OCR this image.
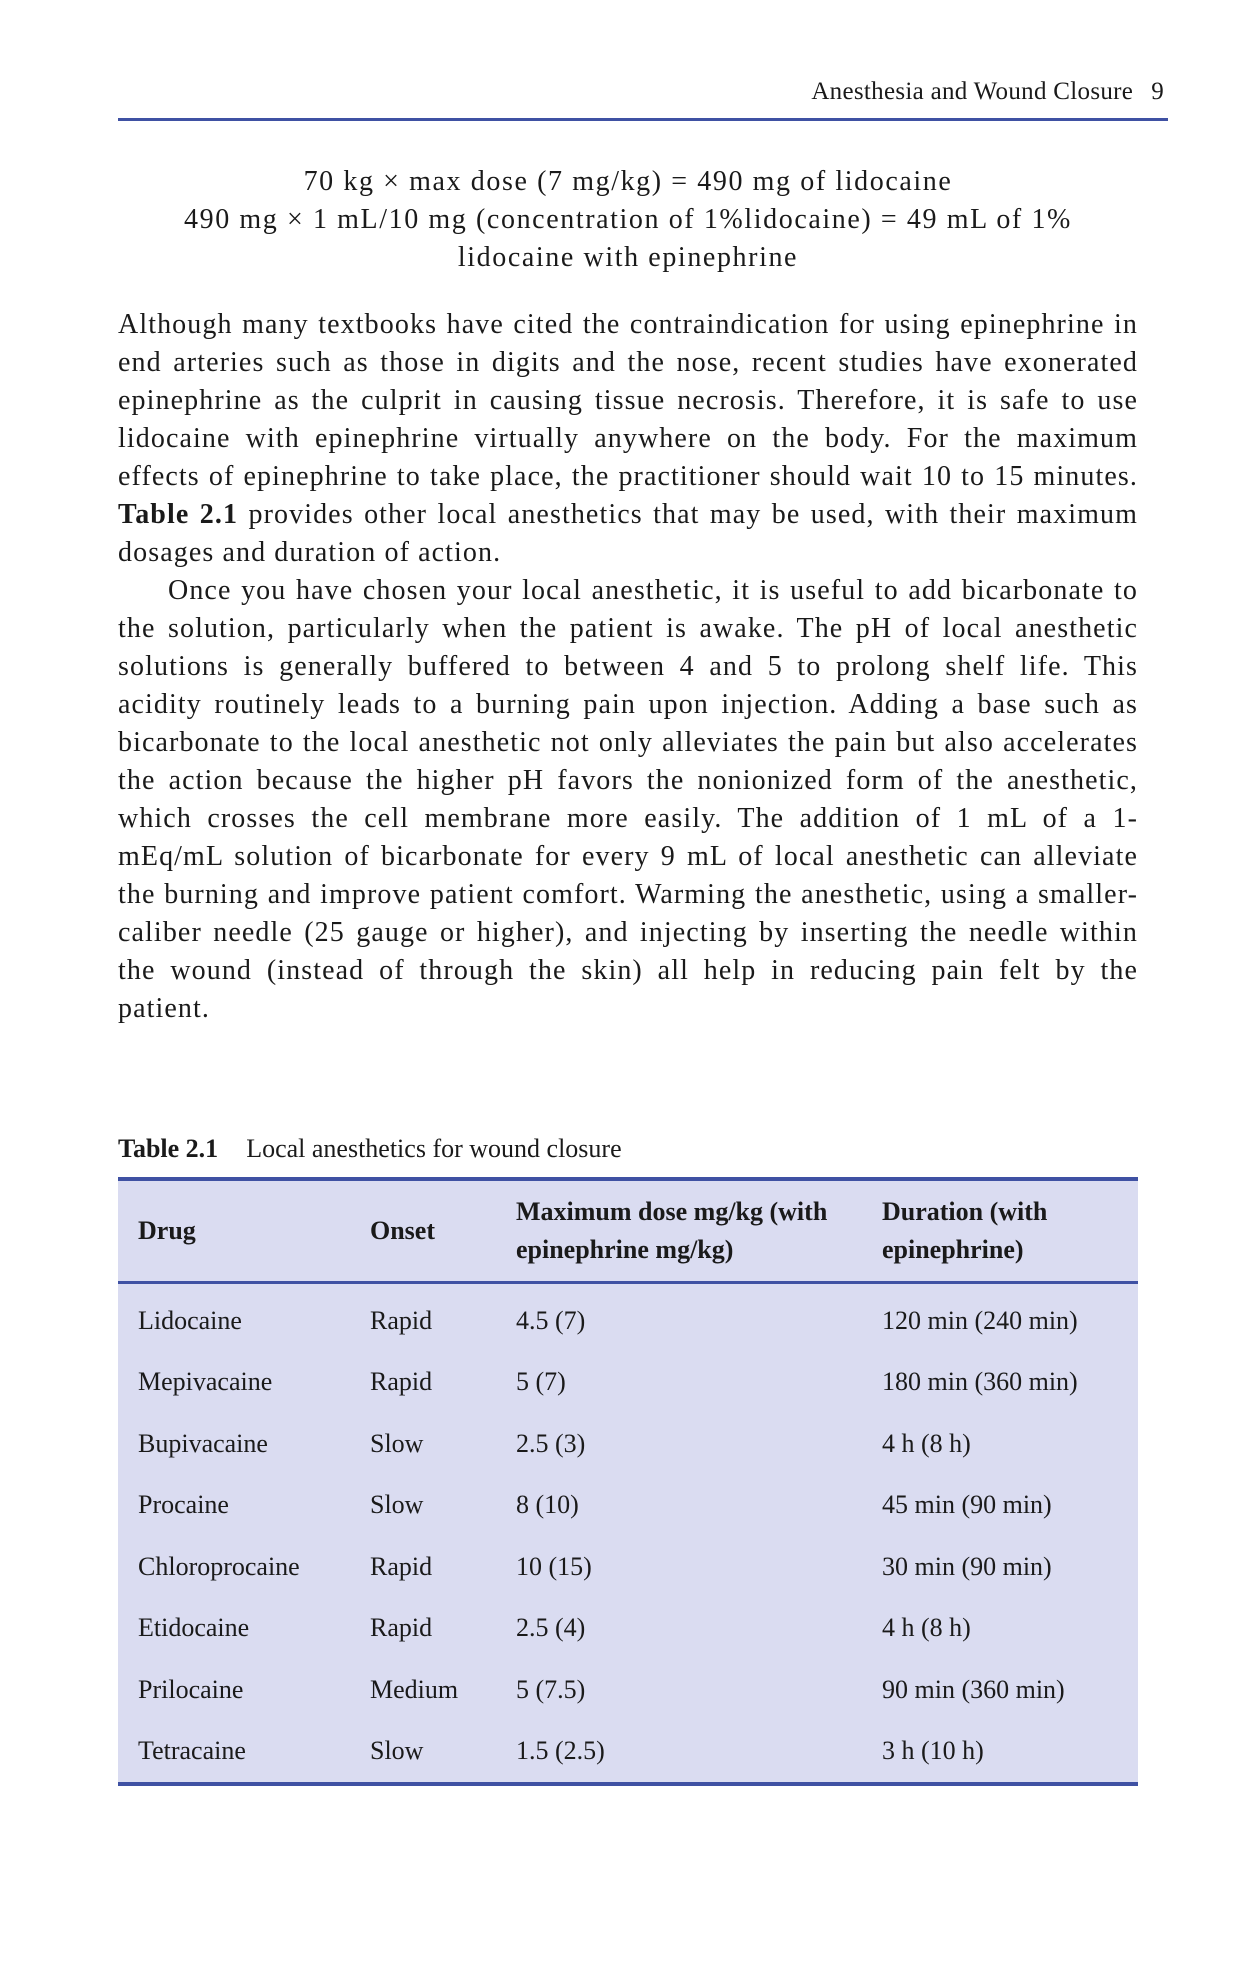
Anesthesia and Wound Closure 9
70 kg × max dose (7 mg/kg) = 490 mg of lidocaine
490 mg × 1 mL/10 mg (concentration of 1%lidocaine) = 49 mL of 1%
lidocaine with epinephrine

Although many textbooks have cited the contraindication for using epinephrine in end arteries such as those in digits and the nose, recent studies have exonerated epinephrine as the culprit in causing tissue necrosis. Therefore, it is safe to use lidocaine with epinephrine virtually anywhere on the body. For the maximum effects of epinephrine to take place, the practitioner should wait 10 to 15 minutes. Table 2.1 provides other local anesthetics that may be used, with their maximum dosages and duration of action.

Once you have chosen your local anesthetic, it is useful to add bicarbonate to the solution, particularly when the patient is awake. The pH of local anesthetic solutions is generally buffered to between 4 and 5 to prolong shelf life. This acidity routinely leads to a burning pain upon injection. Adding a base such as bicarbonate to the local anesthetic not only alleviates the pain but also accelerates the action because the higher pH favors the nonionized form of the anesthetic, which crosses the cell membrane more easily. The addition of 1 mL of a 1-mEq/mL solution of bicarbonate for every 9 mL of local anesthetic can alleviate the burning and improve patient comfort. Warming the anesthetic, using a smaller-caliber needle (25 gauge or higher), and injecting by inserting the needle within the wound (instead of through the skin) all help in reducing pain felt by the patient.

Table 2.1 Local anesthetics for wound closure
Drug	Onset	Maximum dose mg/kg (with epinephrine mg/kg)	Duration (with epinephrine)
Lidocaine	Rapid	4.5 (7)	120 min (240 min)
Mepivacaine	Rapid	5 (7)	180 min (360 min)
Bupivacaine	Slow	2.5 (3)	4 h (8 h)
Procaine	Slow	8 (10)	45 min (90 min)
Chloroprocaine	Rapid	10 (15)	30 min (90 min)
Etidocaine	Rapid	2.5 (4)	4 h (8 h)
Prilocaine	Medium	5 (7.5)	90 min (360 min)
Tetracaine	Slow	1.5 (2.5)	3 h (10 h)
